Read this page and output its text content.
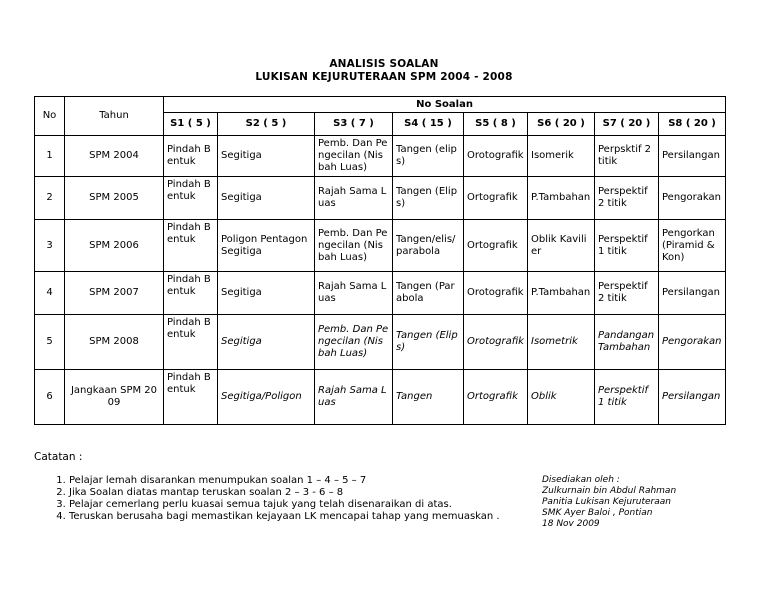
ANALISIS SOALAN
LUKISAN KEJURUTERAAN SPM 2004 - 2008
No	Tahun	No Soalan							
		S1 ( 5 )	S2 ( 5 )	S3 ( 7 )	S4 ( 15 )	S5 ( 8 )	S6 ( 20 )	S7 ( 20 )	S8 ( 20 )
1	SPM 2004	Pindah Bentuk	Segitiga	Pemb. Dan Pengecilan (Nisbah Luas)	Tangen (elips)	Orotografik	Isomerik	Perpsktif 2 titik	Persilangan
2	SPM 2005	Pindah Bentuk	Segitiga	Rajah Sama Luas	Tangen (Elips)	Ortografik	P.Tambahan	Perspektif 2 titik	Pengorakan
3	SPM 2006	Pindah Bentuk	Poligon PentagonSegitiga	Pemb. Dan Pengecilan (Nisbah Luas)	Tangen/elis/ parabola	Ortografik	Oblik Kavilier	Perspektif 1 titik	Pengorkan (Piramid & Kon)
4	SPM 2007	Pindah Bentuk	Segitiga	Rajah Sama Luas	Tangen (Parabola	Orotografik	P.Tambahan	Perspektif 2 titik	Persilangan
5	SPM 2008	Pindah Bentuk	Segitiga	Pemb. Dan Pengecilan (Nisbah Luas)	Tangen (Elips)	Orotografik	Isometrik	Pandangan Tambahan	Pengorakan
6	Jangkaan SPM 2009	Pindah Bentuk	Segitiga/Poligon	Rajah Sama Luas	Tangen	Ortografik	Oblik	Perspektif 1 titik	Persilangan
Catatan :
1. Pelajar lemah disarankan menumpukan soalan 1 – 4 – 5 – 7
2. Jika Soalan diatas mantap teruskan soalan 2 – 3 - 6 – 8
3. Pelajar cemerlang perlu kuasai semua tajuk yang telah disenaraikan di atas.
4. Teruskan berusaha bagi memastikan kejayaan LK mencapai tahap yang memuaskan .
Disediakan oleh :
Zulkurnain bin Abdul Rahman
Panitia Lukisan Kejuruteraan
SMK Ayer Baloi , Pontian
18 Nov 2009
